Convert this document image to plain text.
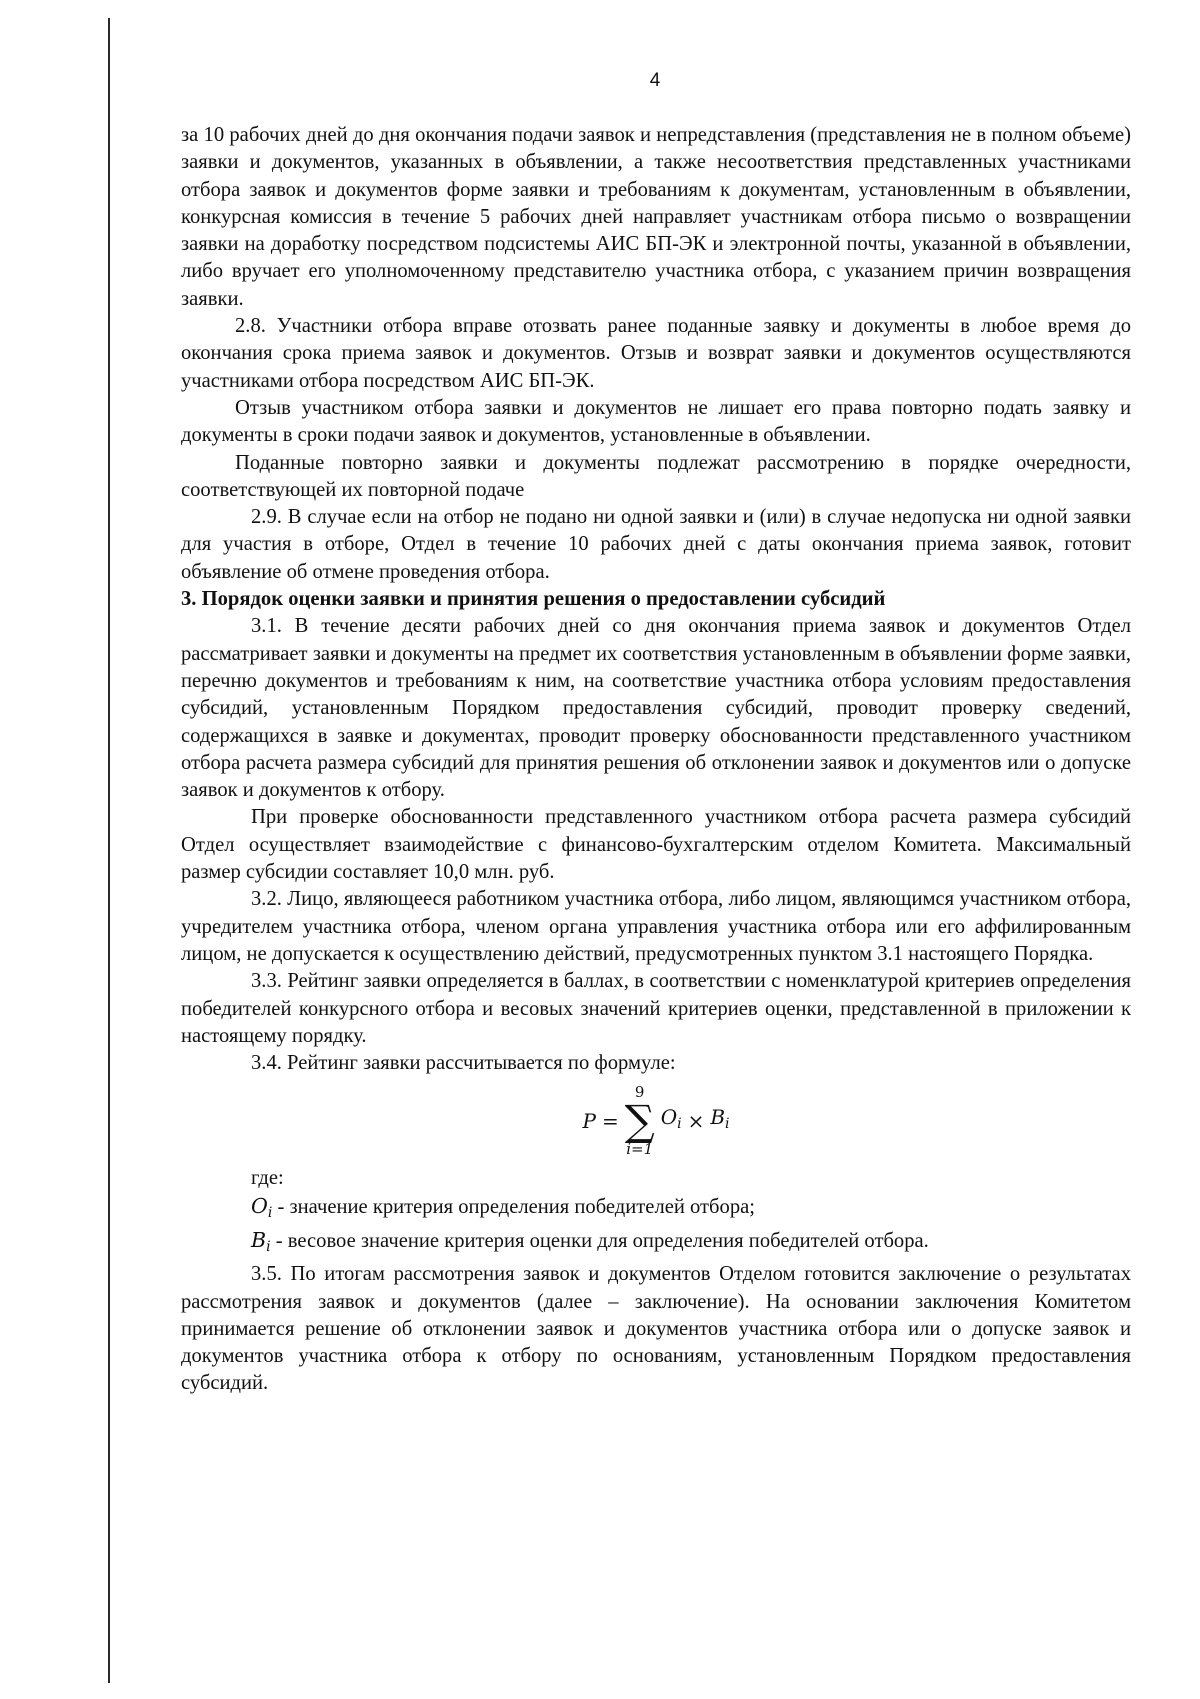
4

за 10 рабочих дней до дня окончания подачи заявок и непредставления (представления не в полном объеме) заявки и документов, указанных в объявлении, а также несоответствия представленных участниками отбора заявок и документов форме заявки и требованиям к документам, установленным в объявлении, конкурсная комиссия в течение 5 рабочих дней направляет участникам отбора письмо о возвращении заявки на доработку посредством подсистемы АИС БП-ЭК и электронной почты, указанной в объявлении, либо вручает его уполномоченному представителю участника отбора, с указанием причин возвращения заявки.

2.8. Участники отбора вправе отозвать ранее поданные заявку и документы в любое время до окончания срока приема заявок и документов. Отзыв и возврат заявки и документов осуществляются участниками отбора посредством АИС БП-ЭК.

Отзыв участником отбора заявки и документов не лишает его права повторно подать заявку и документы в сроки подачи заявок и документов, установленные в объявлении.

Поданные повторно заявки и документы подлежат рассмотрению в порядке очередности, соответствующей их повторной подаче

2.9. В случае если на отбор не подано ни одной заявки и (или) в случае недопуска ни одной заявки для участия в отборе, Отдел в течение 10 рабочих дней с даты окончания приема заявок, готовит объявление об отмене проведения отбора.

3. Порядок оценки заявки и принятия решения о предоставлении субсидий

3.1. В течение десяти рабочих дней со дня окончания приема заявок и документов Отдел рассматривает заявки и документы на предмет их соответствия установленным в объявлении форме заявки, перечню документов и требованиям к ним, на соответствие участника отбора условиям предоставления субсидий, установленным Порядком предоставления субсидий, проводит проверку сведений, содержащихся в заявке и документах, проводит проверку обоснованности представленного участником отбора расчета размера субсидий для принятия решения об отклонении заявок и документов или о допуске заявок и документов к отбору.

При проверке обоснованности представленного участником отбора расчета размера субсидий Отдел осуществляет взаимодействие с финансово-бухгалтерским отделом Комитета. Максимальный размер субсидии составляет 10,0 млн. руб.

3.2. Лицо, являющееся работником участника отбора, либо лицом, являющимся участником отбора, учредителем участника отбора, членом органа управления участника отбора или его аффилированным лицом, не допускается к осуществлению действий, предусмотренных пунктом 3.1 настоящего Порядка.

3.3. Рейтинг заявки определяется в баллах, в соответствии с номенклатурой критериев определения победителей конкурсного отбора и весовых значений критериев оценки, представленной в приложении к настоящему порядку.

3.4. Рейтинг заявки рассчитывается по формуле:

P =
9
∑
i=1
$O_i \times B_i$

где:

$O_i$ - значение критерия определения победителей отбора;

$B_i$ - весовое значение критерия оценки для определения победителей отбора.

3.5. По итогам рассмотрения заявок и документов Отделом готовится заключение о результатах рассмотрения заявок и документов (далее – заключение). На основании заключения Комитетом принимается решение об отклонении заявок и документов участника отбора или о допуске заявок и документов участника отбора к отбору по основаниям, установленным Порядком предоставления субсидий.
